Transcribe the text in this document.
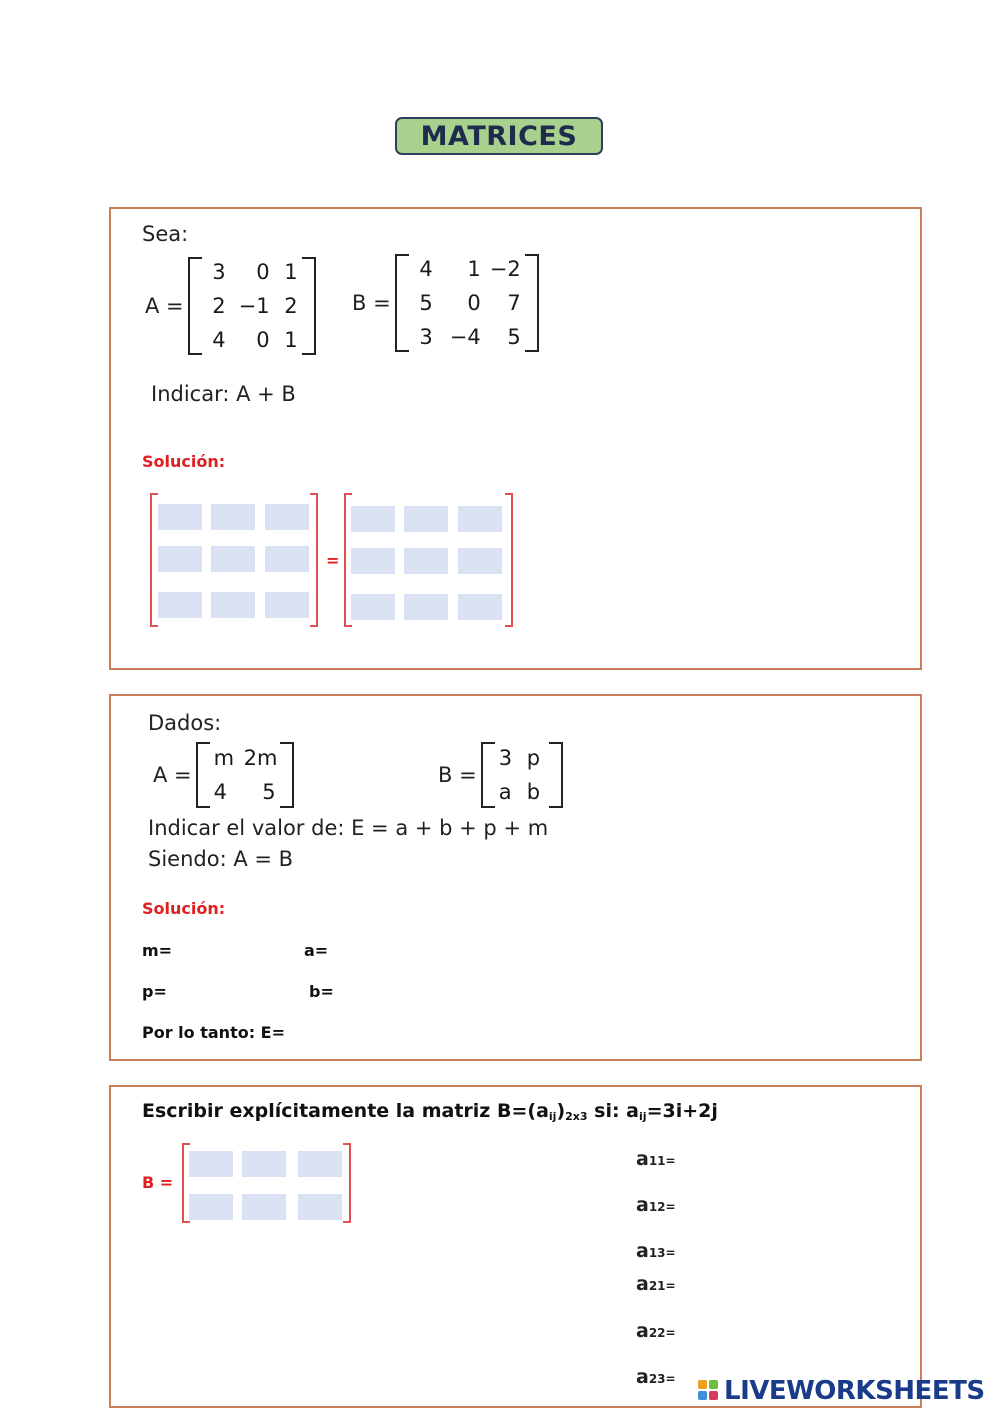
MATRICES
Sea:
A =
3	0 1
2 −1 2
4	0 1
B =
4	1 −2
5	0	7
3 −4	5
Indicar: A + B
Solución:
=
Dados:
A =
m 2m
4	5
B =
3 p
a b
Indicar el valor de: E = a + b + p + m
Siendo: A = B
Solución:
m=	a=
p=	b=
Por lo tanto: E=
Escribir explícitamente la matriz $B=(a_{ij})_{2x3}$ si: $a_{ij}=3i+2j$
B =
a11=
a12=
a13=
a21=
a22=
a23= LIVEWORKSHEETS
